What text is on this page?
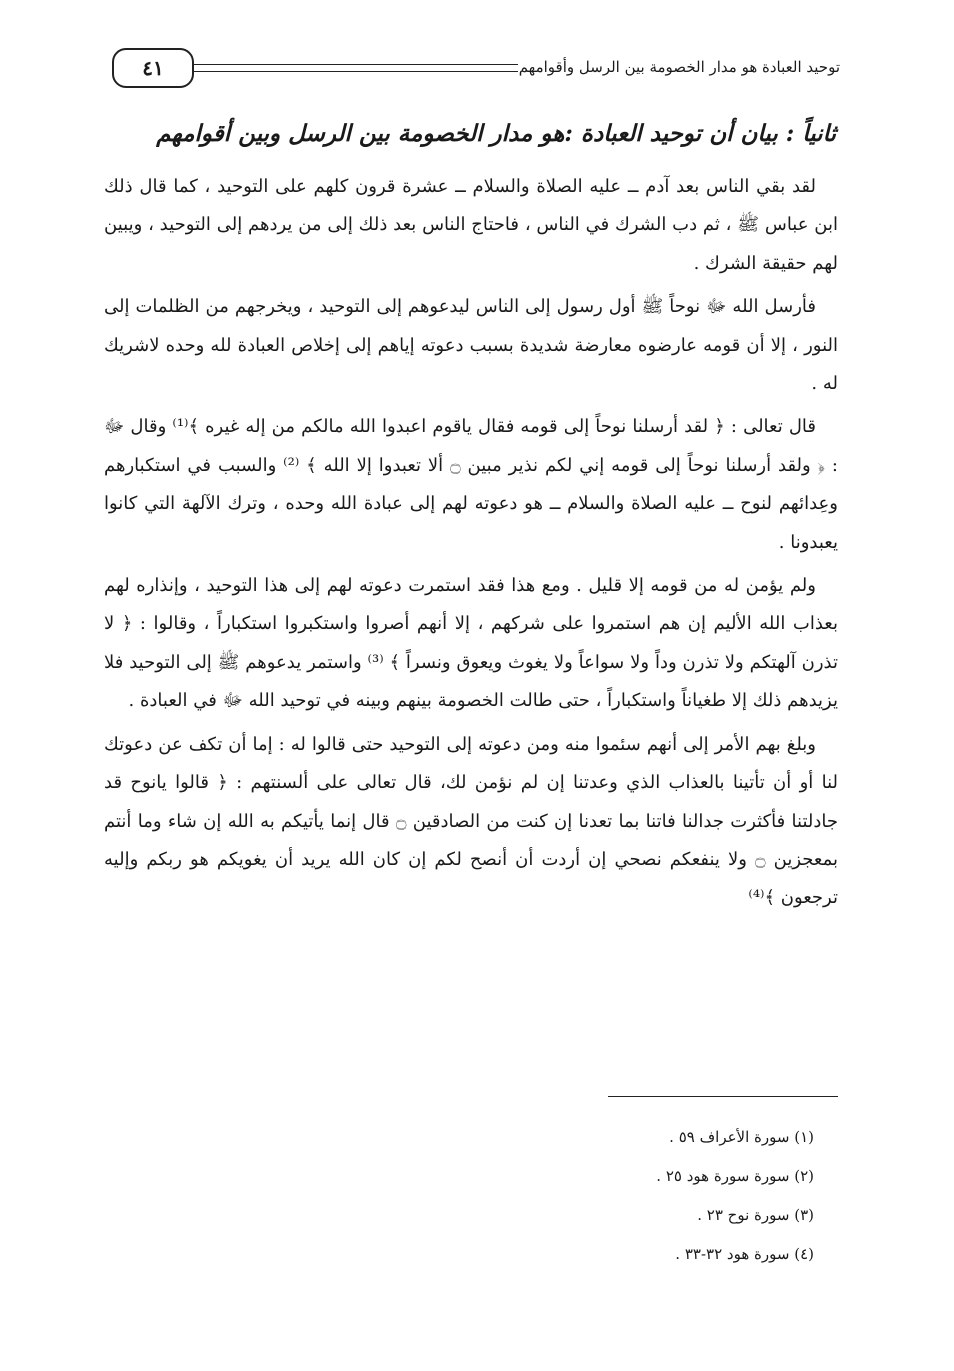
توحيد العبادة هو مدار الخصومة بين الرسل وأقوامهم
٤١
ثانياً : بيان أن توحيد العبادة :هو مدار الخصومة بين الرسل وبين أقوامهم

لقد بقي الناس بعد آدم ــ عليه الصلاة والسلام ــ عشرة قرون كلهم على التوحيد ، كما قال ذلك ابن عباس ﷺ ، ثم دب الشرك في الناس ، فاحتاج الناس بعد ذلك إلى من يردهم إلى التوحيد ، ويبين لهم حقيقة الشرك .

فأرسل الله ﷻ نوحاً ﷺ أول رسول إلى الناس ليدعوهم إلى التوحيد ، ويخرجهم من الظلمات إلى النور ، إلا أن قومه عارضوه معارضة شديدة بسبب دعوته إياهم إلى إخلاص العبادة لله وحده لاشريك له .

قال تعالى : ﴿ لقد أرسلنا نوحاً إلى قومه فقال ياقوم اعبدوا الله مالكم من إله غيره ﴾⁽¹⁾ وقال ﷻ : ﴿ ولقد أرسلنا نوحاً إلى قومه إني لكم نذير مبين ۝ ألا تعبدوا إلا الله ﴾ ⁽²⁾ والسبب في استكبارهم وعِدائهم لنوح ــ عليه الصلاة والسلام ــ هو دعوته لهم إلى عبادة الله وحده ، وترك الآلهة التي كانوا يعبدونا .

ولم يؤمن له من قومه إلا قليل . ومع هذا فقد استمرت دعوته لهم إلى هذا التوحيد ، وإنذاره لهم بعذاب الله الأليم إن هم استمروا على شركهم ، إلا أنهم أصروا واستكبروا استكباراً ، وقالوا : ﴿ لا تذرن آلهتكم ولا تذرن وداً ولا سواعاً ولا يغوث ويعوق ونسراً ﴾ ⁽³⁾ واستمر يدعوهم ﷺ إلى التوحيد فلا يزيدهم ذلك إلا طغياناً واستكباراً ، حتى طالت الخصومة بينهم وبينه في توحيد الله ﷻ في العبادة .

وبلغ بهم الأمر إلى أنهم سئموا منه ومن دعوته إلى التوحيد حتى قالوا له : إما أن تكف عن دعوتك لنا أو أن تأتينا بالعذاب الذي وعدتنا إن لم نؤمن لك، قال تعالى على ألسنتهم : ﴿ قالوا يانوح قد جادلتنا فأكثرت جدالنا فاتنا بما تعدنا إن كنت من الصادقين ۝ قال إنما يأتيكم به الله إن شاء وما أنتم بمعجزين ۝ ولا ينفعكم نصحي إن أردت أن أنصح لكم إن كان الله يريد أن يغويكم هو ربكم وإليه ترجعون ﴾⁽⁴⁾

(١) سورة الأعراف ٥٩ .
(٢) سورة سورة هود ٢٥ .
(٣) سورة نوح ٢٣ .
(٤) سورة هود ٣٢-٣٣ .
